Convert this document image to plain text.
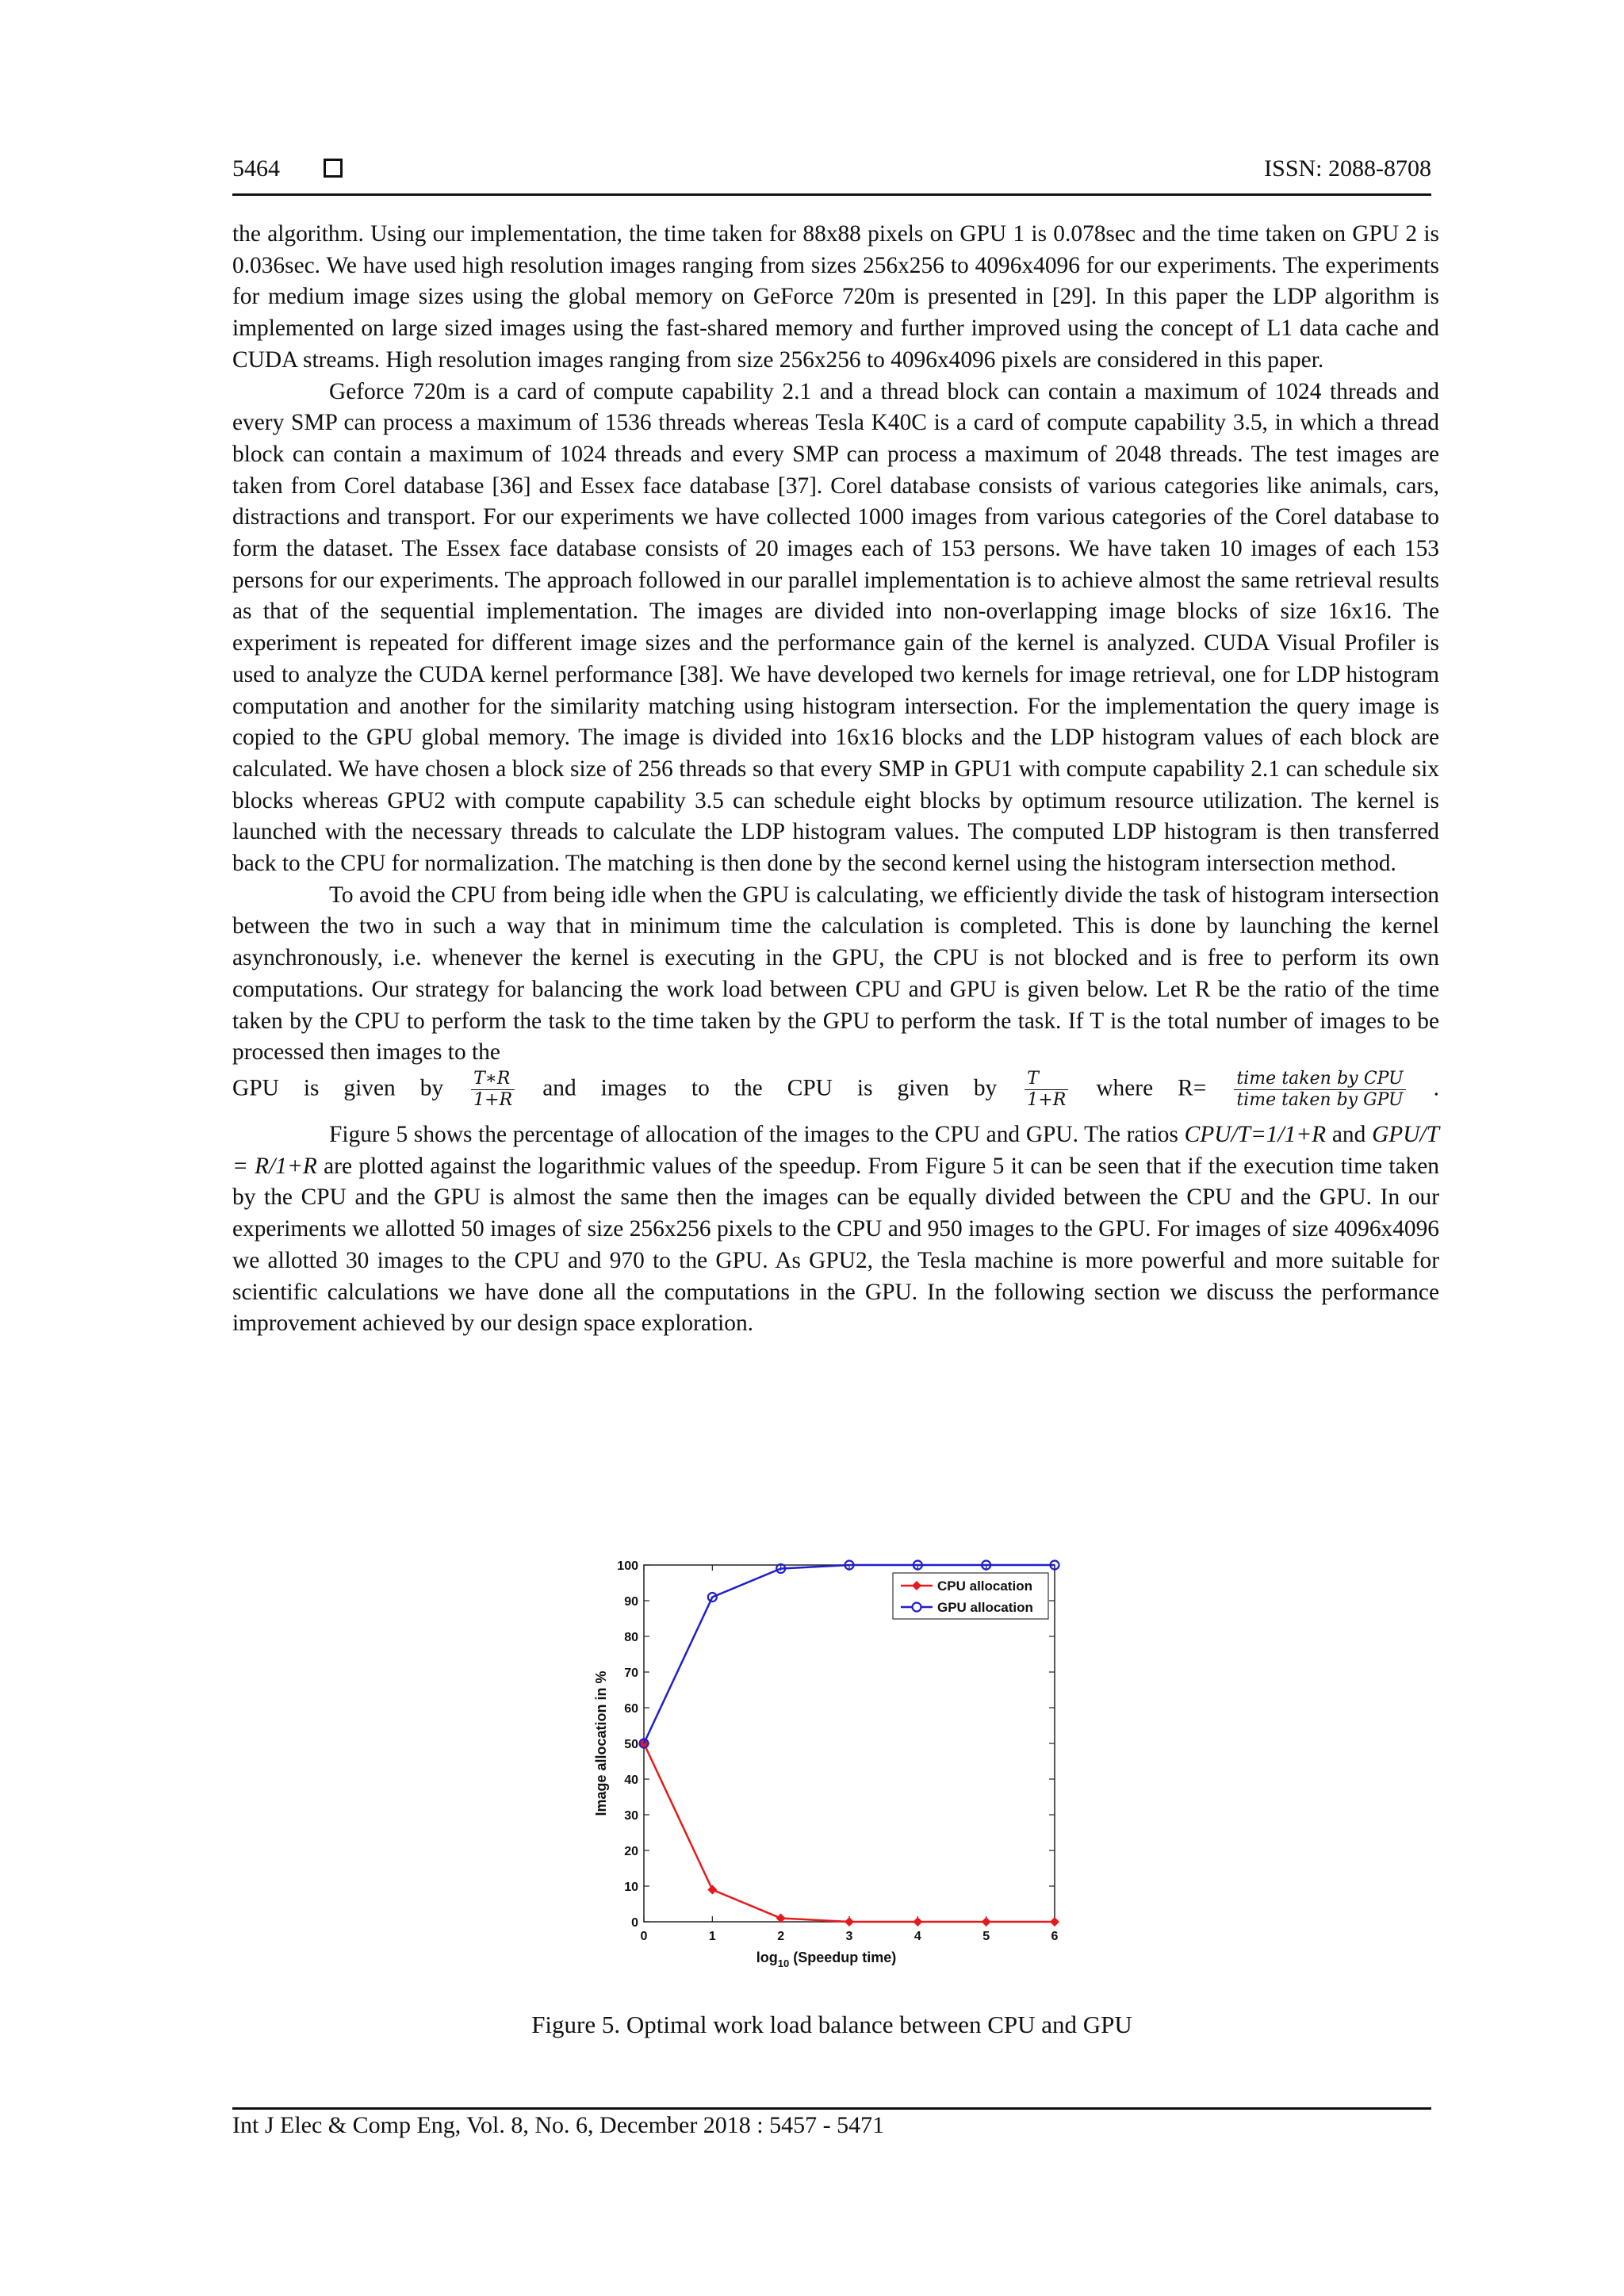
5464	ISSN: 2088-8708

the algorithm. Using our implementation, the time taken for 88x88 pixels on GPU 1 is 0.078sec and the time taken on GPU 2 is 0.036sec. We have used high resolution images ranging from sizes 256x256 to 4096x4096 for our experiments. The experiments for medium image sizes using the global memory on GeForce 720m is presented in [29]. In this paper the LDP algorithm is implemented on large sized images using the fast-shared memory and further improved using the concept of L1 data cache and CUDA streams. High resolution images ranging from size 256x256 to 4096x4096 pixels are considered in this paper.

Geforce 720m is a card of compute capability 2.1 and a thread block can contain a maximum of 1024 threads and every SMP can process a maximum of 1536 threads whereas Tesla K40C is a card of compute capability 3.5, in which a thread block can contain a maximum of 1024 threads and every SMP can process a maximum of 2048 threads. The test images are taken from Corel database [36] and Essex face database [37]. Corel database consists of various categories like animals, cars, distractions and transport. For our experiments we have collected 1000 images from various categories of the Corel database to form the dataset. The Essex face database consists of 20 images each of 153 persons. We have taken 10 images of each 153 persons for our experiments. The approach followed in our parallel implementation is to achieve almost the same retrieval results as that of the sequential implementation. The images are divided into non-overlapping image blocks of size 16x16. The experiment is repeated for different image sizes and the performance gain of the kernel is analyzed. CUDA Visual Profiler is used to analyze the CUDA kernel performance [38]. We have developed two kernels for image retrieval, one for LDP histogram computation and another for the similarity matching using histogram intersection. For the implementation the query image is copied to the GPU global memory. The image is divided into 16x16 blocks and the LDP histogram values of each block are calculated. We have chosen a block size of 256 threads so that every SMP in GPU1 with compute capability 2.1 can schedule six blocks whereas GPU2 with compute capability 3.5 can schedule eight blocks by optimum resource utilization. The kernel is launched with the necessary threads to calculate the LDP histogram values. The computed LDP histogram is then transferred back to the CPU for normalization. The matching is then done by the second kernel using the histogram intersection method.

To avoid the CPU from being idle when the GPU is calculating, we efficiently divide the task of histogram intersection between the two in such a way that in minimum time the calculation is completed. This is done by launching the kernel asynchronously, i.e. whenever the kernel is executing in the GPU, the CPU is not blocked and is free to perform its own computations. Our strategy for balancing the work load between CPU and GPU is given below. Let R be the ratio of the time taken by the CPU to perform the task to the time taken by the GPU to perform the task. If T is the total number of images to be processed then images to the

GPU is given by $\frac{T∗R}{1+R}$ and images to the CPU is given by $\frac{T}{1+R}$ where $R= \frac{\text{time taken by CPU}}{\text{time taken by GPU}}$ .

Figure 5 shows the percentage of allocation of the images to the CPU and GPU. The ratios CPU/T=1/1+R and GPU/T = R/1+R are plotted against the logarithmic values of the speedup. From Figure 5 it can be seen that if the execution time taken by the CPU and the GPU is almost the same then the images can be equally divided between the CPU and the GPU. In our experiments we allotted 50 images of size 256x256 pixels to the CPU and 950 images to the GPU. For images of size 4096x4096 we allotted 30 images to the CPU and 970 to the GPU. As GPU2, the Tesla machine is more powerful and more suitable for scientific calculations we have done all the computations in the GPU. In the following section we discuss the performance improvement achieved by our design space exploration.

0
10
20
30
40
50
60
70
80
90
100
0	1	2	3	4	5	6
CPU allocation
GPU allocation
$\log_{10}$ (Speedup time)
Image allocation in %
Figure 5. Optimal work load balance between CPU and GPU
Int J Elec & Comp Eng, Vol. 8, No. 6, December 2018 : 5457 - 5471
